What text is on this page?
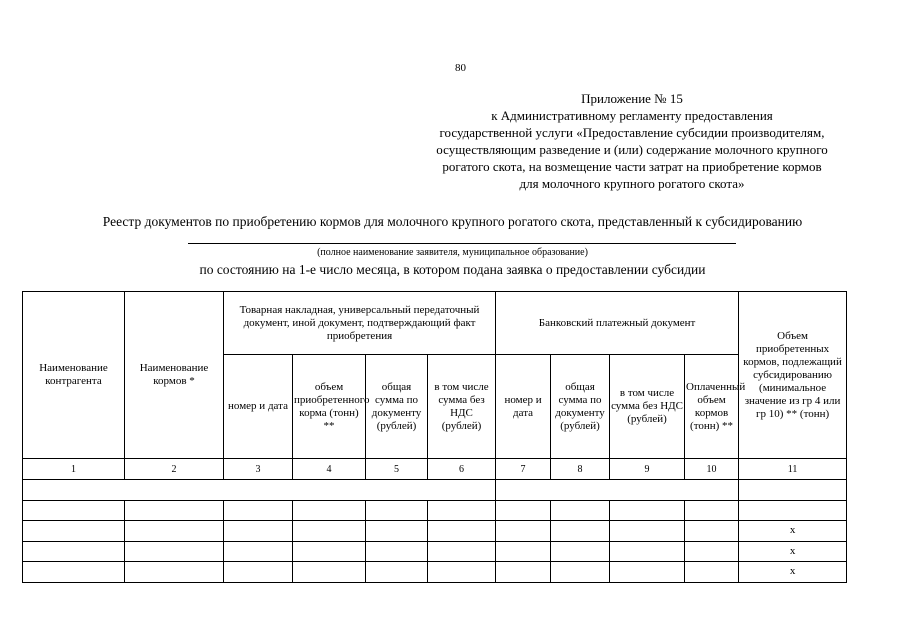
80
Приложение № 15
к Административному регламенту предоставления
государственной услуги «Предоставление субсидии производителям,
осуществляющим разведение и (или) содержание молочного крупного
рогатого скота, на возмещение части затрат на приобретение кормов
для молочного крупного рогатого скота»
Реестр документов по приобретению кормов для молочного крупного рогатого скота, представленный к субсидированию
(полное наименование заявителя, муниципальное образование)
по состоянию на 1-е число месяца, в котором подана заявка о предоставлении субсидии
Наименование контрагента	Наименование кормов *	Товарная накладная, универсальный передаточный документ, иной документ, подтверждающий факт приобретения				Банковский платежный документ				Объем приобретенных кормов, подлежащий субсидированию (минимальное значение из гр 4 или гр 10) ** (тонн)
		номер и дата	объем приобретенного корма (тонн) **	общая сумма по документу (рублей)	в том числе сумма без НДС (рублей)	номер и дата	общая сумма по документу (рублей)	в том числе сумма без НДС (рублей)	Оплаченный объем кормов (тонн) **	
1	2	3	4	5	6	7	8	9	10	11

										x
										x
										x
